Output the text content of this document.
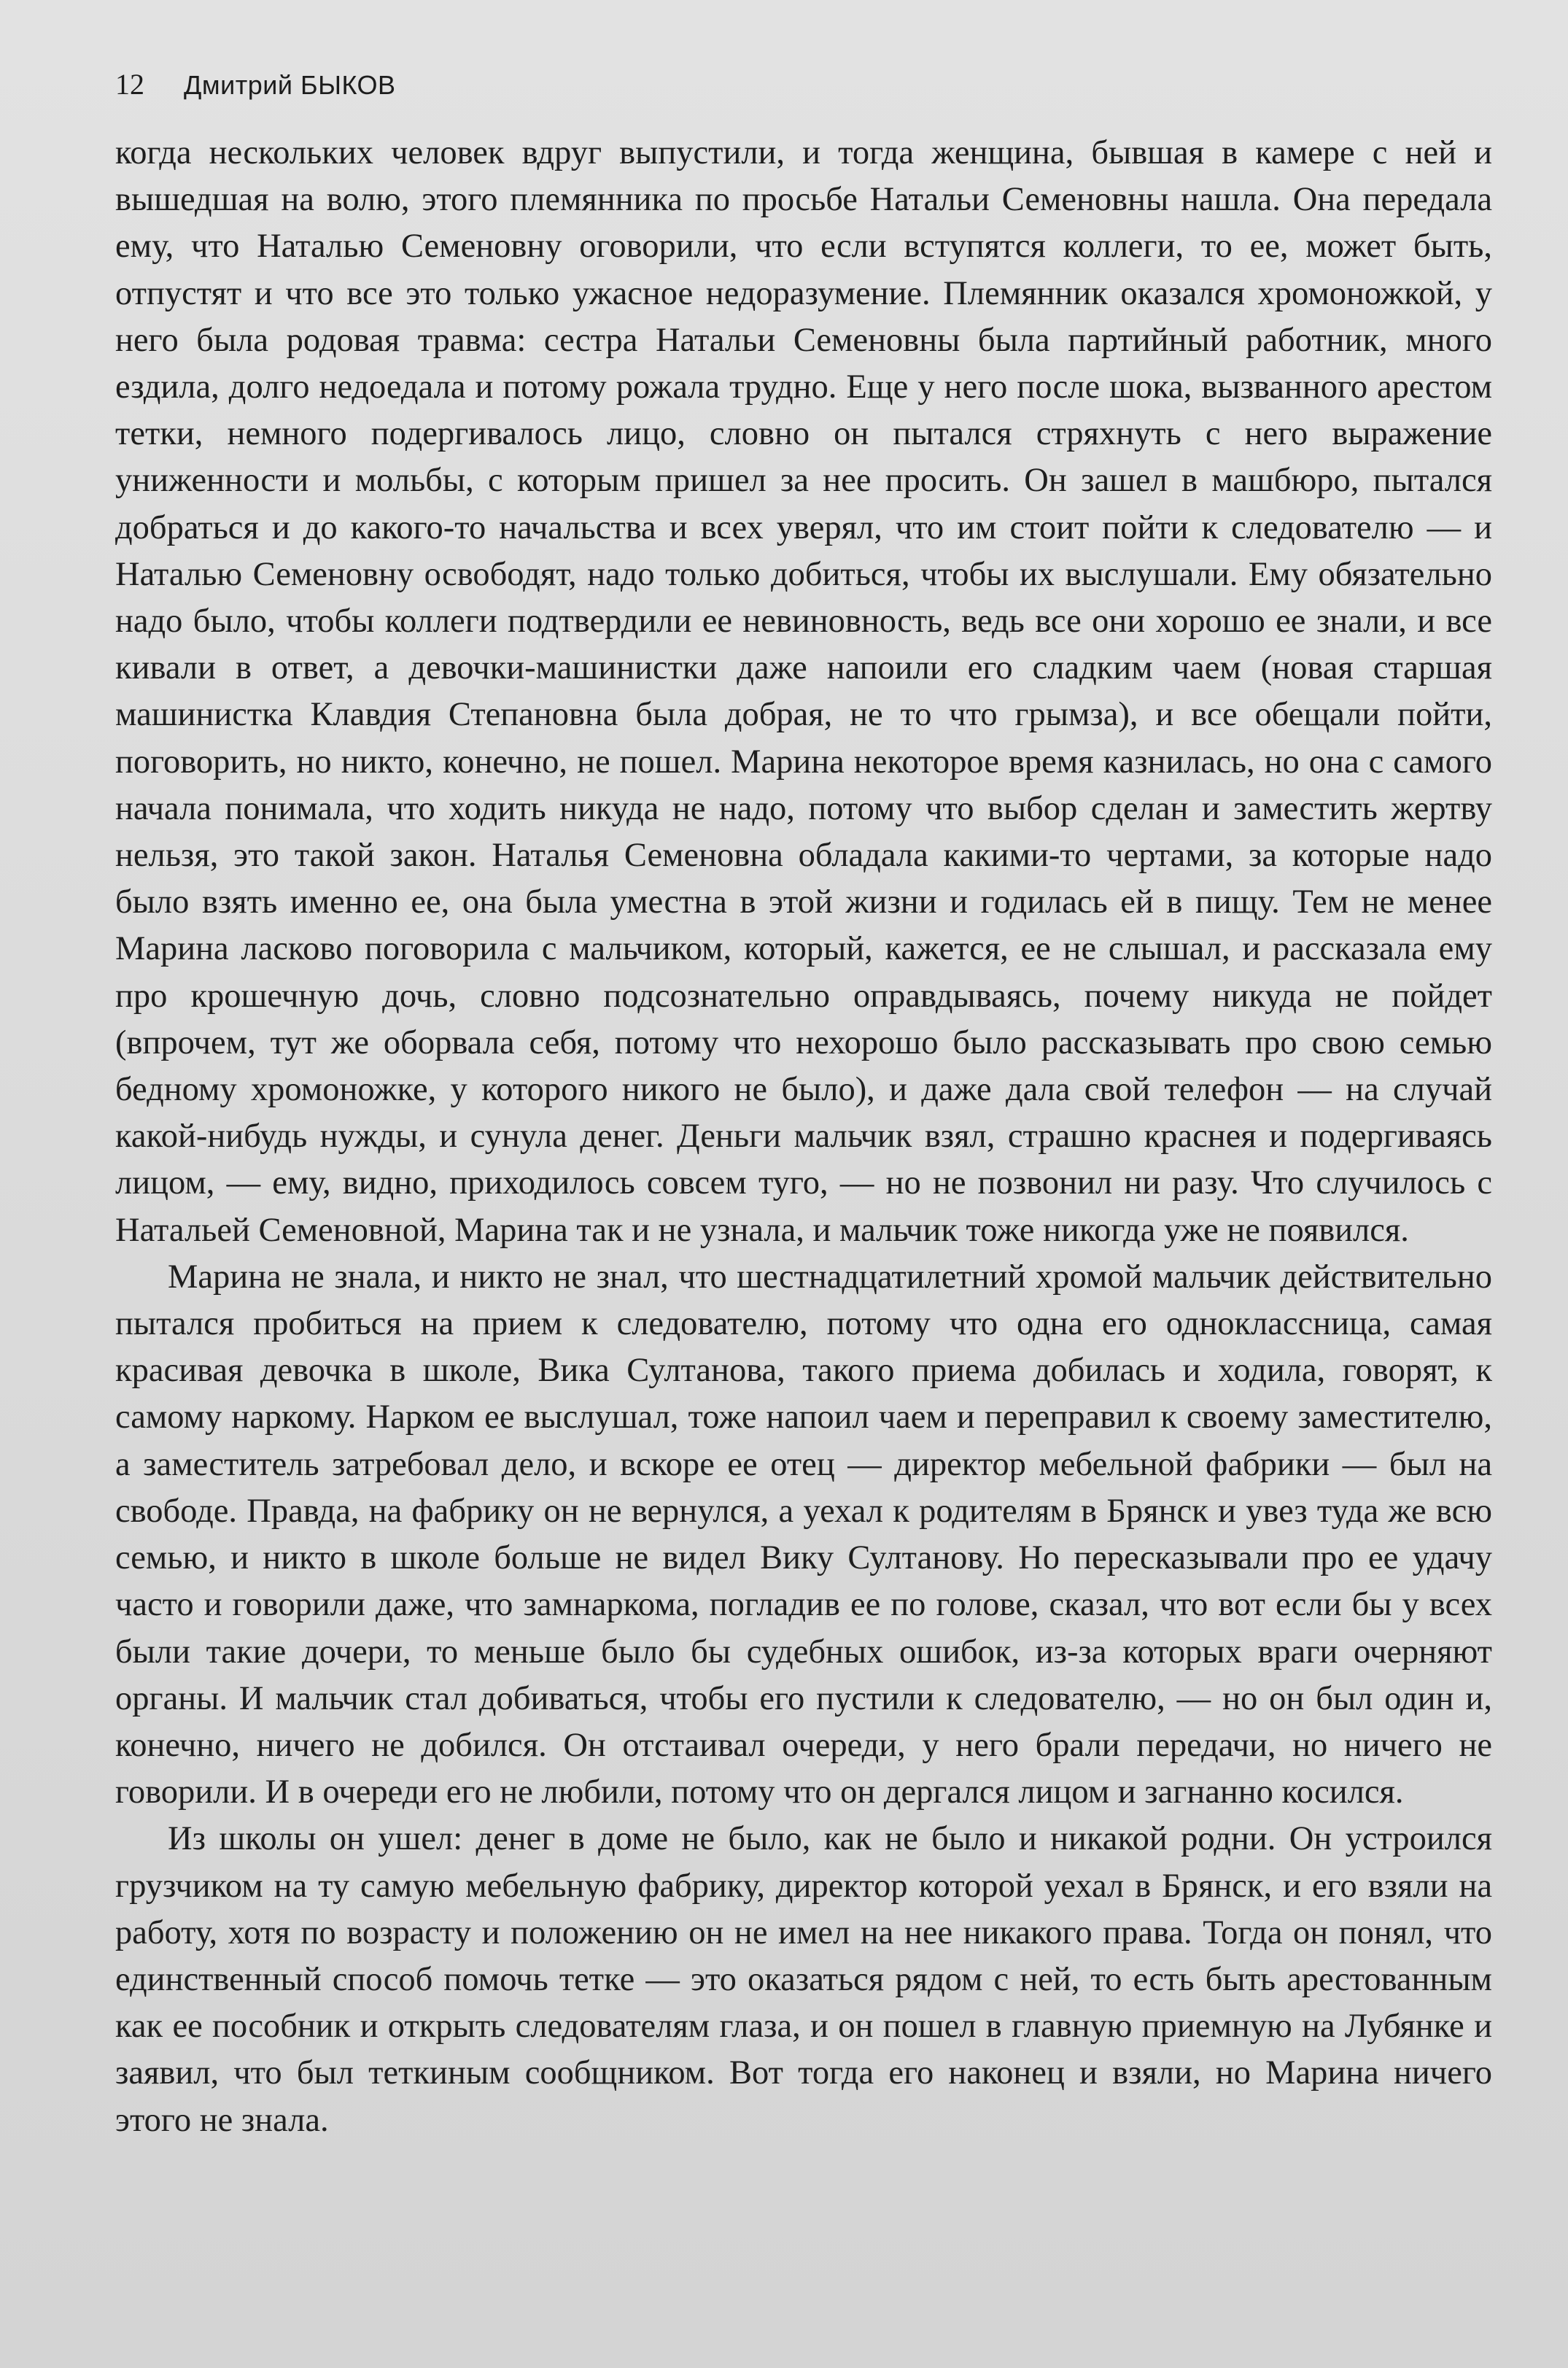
12 Дмитрий БЫКОВ

когда нескольких человек вдруг выпустили, и тогда женщина, бывшая в камере с ней и вышедшая на волю, этого племянника по просьбе Натальи Семеновны нашла. Она передала ему, что Наталью Семеновну оговорили, что если вступятся коллеги, то ее, может быть, отпустят и что все это только ужасное недоразумение. Племянник оказался хромоножкой, у него была родовая травма: сестра Натальи Семеновны была партийный работник, много ездила, долго недоедала и потому рожала трудно. Еще у него после шока, вызванного арестом тетки, немного подергивалось лицо, словно он пытался стряхнуть с него выражение униженности и мольбы, с которым пришел за нее просить. Он зашел в машбюро, пытался добраться и до какого-то начальства и всех уверял, что им стоит пойти к следователю — и Наталью Семеновну освободят, надо только добиться, чтобы их выслушали. Ему обязательно надо было, чтобы коллеги подтвердили ее невиновность, ведь все они хорошо ее знали, и все кивали в ответ, а девочки-машинистки даже напоили его сладким чаем (новая старшая машинистка Клавдия Степановна была добрая, не то что грымза), и все обещали пойти, поговорить, но никто, конечно, не пошел. Марина некоторое время казнилась, но она с самого начала понимала, что ходить никуда не надо, потому что выбор сделан и заместить жертву нельзя, это такой закон. Наталья Семеновна обладала какими-то чертами, за которые надо было взять именно ее, она была уместна в этой жизни и годилась ей в пищу. Тем не менее Марина ласково поговорила с мальчиком, который, кажется, ее не слышал, и рассказала ему про крошечную дочь, словно подсознательно оправдываясь, почему никуда не пойдет (впрочем, тут же оборвала себя, потому что нехорошо было рассказывать про свою семью бедному хромоножке, у которого никого не было), и даже дала свой телефон — на случай какой-нибудь нужды, и сунула денег. Деньги мальчик взял, страшно краснея и подергиваясь лицом, — ему, видно, приходилось совсем туго, — но не позвонил ни разу. Что случилось с Натальей Семеновной, Марина так и не узнала, и мальчик тоже никогда уже не появился.

Марина не знала, и никто не знал, что шестнадцатилетний хромой мальчик действительно пытался пробиться на прием к следователю, потому что одна его одноклассница, самая красивая девочка в школе, Вика Султанова, такого приема добилась и ходила, говорят, к самому наркому. Нарком ее выслушал, тоже напоил чаем и переправил к своему заместителю, а заместитель затребовал дело, и вскоре ее отец — директор мебельной фабрики — был на свободе. Правда, на фабрику он не вернулся, а уехал к родителям в Брянск и увез туда же всю семью, и никто в школе больше не видел Вику Султанову. Но пересказывали про ее удачу часто и говорили даже, что замнаркома, погладив ее по голове, сказал, что вот если бы у всех были такие дочери, то меньше было бы судебных ошибок, из-за которых враги очерняют органы. И мальчик стал добиваться, чтобы его пустили к следователю, — но он был один и, конечно, ничего не добился. Он отстаивал очереди, у него брали передачи, но ничего не говорили. И в очереди его не любили, потому что он дергался лицом и загнанно косился.

Из школы он ушел: денег в доме не было, как не было и никакой родни. Он устроился грузчиком на ту самую мебельную фабрику, директор которой уехал в Брянск, и его взяли на работу, хотя по возрасту и положению он не имел на нее никакого права. Тогда он понял, что единственный способ помочь тетке — это оказаться рядом с ней, то есть быть арестованным как ее пособник и открыть следователям глаза, и он пошел в главную приемную на Лубянке и заявил, что был теткиным сообщником. Вот тогда его наконец и взяли, но Марина ничего этого не знала.
